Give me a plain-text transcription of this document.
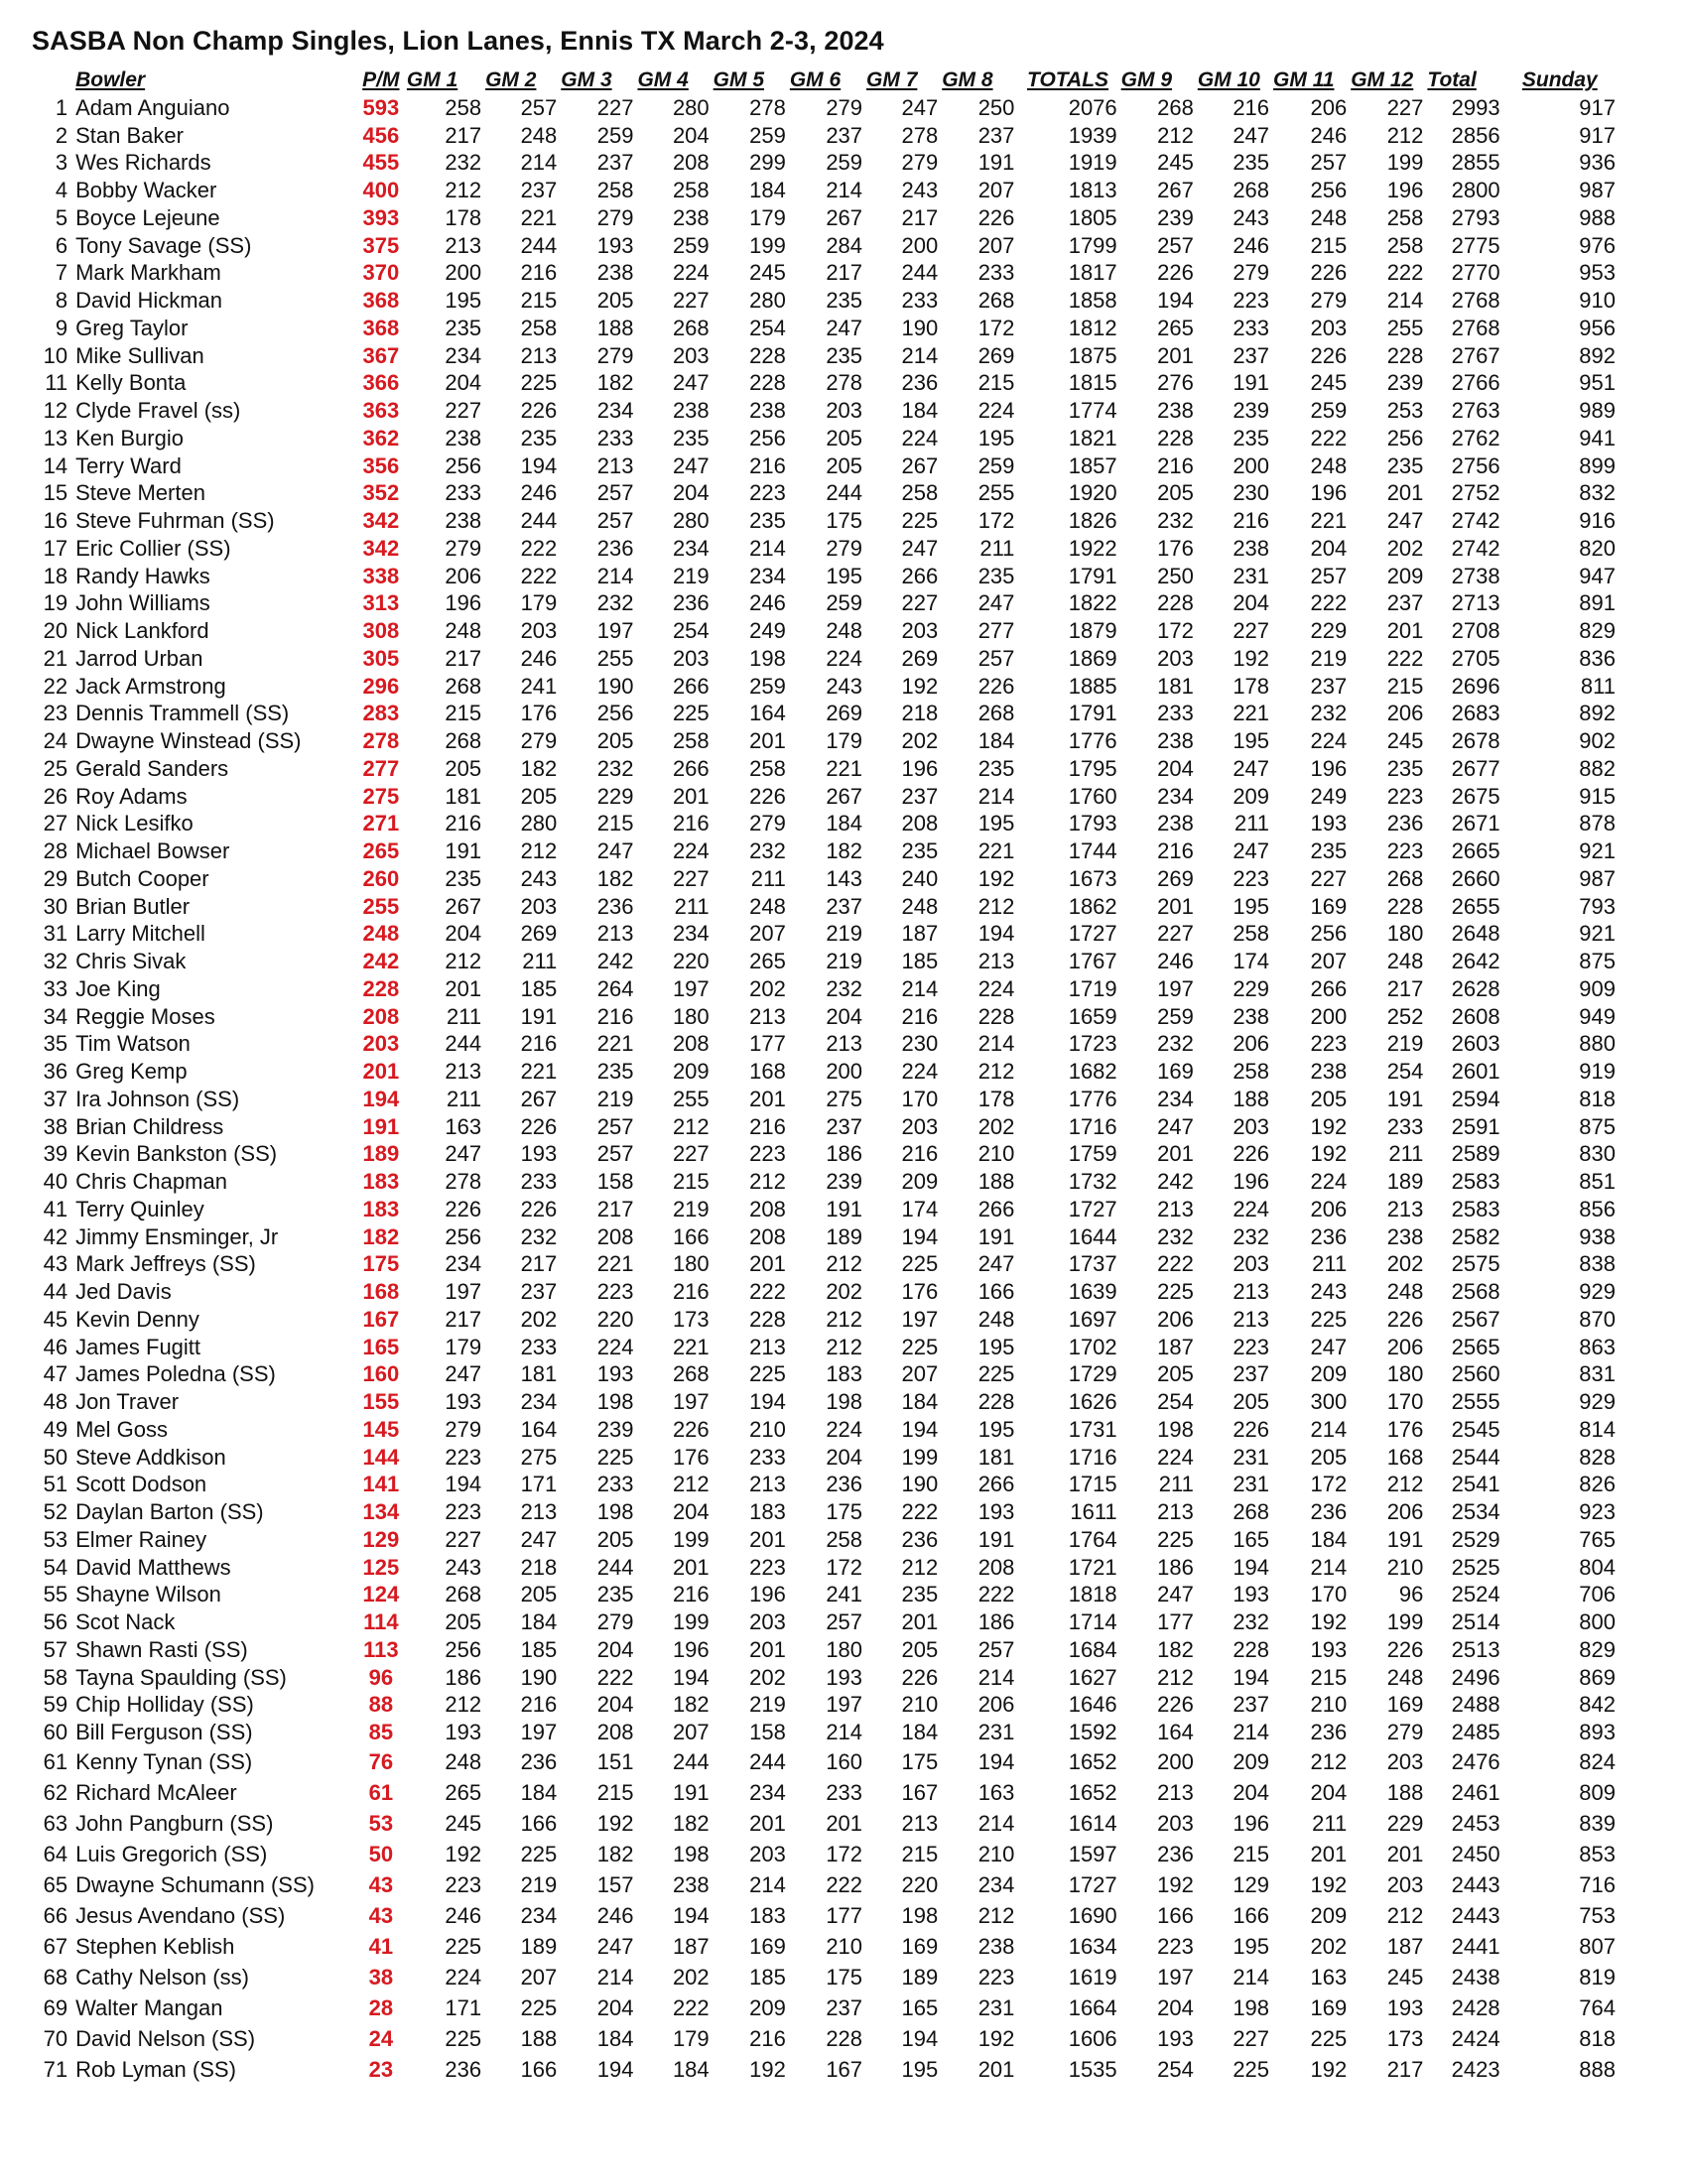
SASBA Non Champ Singles, Lion Lanes, Ennis TX March 2-3, 2024
	Bowler	P/M	GM 1	GM 2	GM 3	GM 4	GM 5	GM 6	GM 7	GM 8	TOTALS	GM 9	GM 10	GM 11	GM 12	Total	Sunday
1	Adam Anguiano	593	258	257	227	280	278	279	247	250	2076	268	216	206	227	2993	917
2	Stan Baker	456	217	248	259	204	259	237	278	237	1939	212	247	246	212	2856	917
3	Wes Richards	455	232	214	237	208	299	259	279	191	1919	245	235	257	199	2855	936
4	Bobby Wacker	400	212	237	258	258	184	214	243	207	1813	267	268	256	196	2800	987
5	Boyce Lejeune	393	178	221	279	238	179	267	217	226	1805	239	243	248	258	2793	988
6	Tony Savage (SS)	375	213	244	193	259	199	284	200	207	1799	257	246	215	258	2775	976
7	Mark Markham	370	200	216	238	224	245	217	244	233	1817	226	279	226	222	2770	953
8	David Hickman	368	195	215	205	227	280	235	233	268	1858	194	223	279	214	2768	910
9	Greg Taylor	368	235	258	188	268	254	247	190	172	1812	265	233	203	255	2768	956
10	Mike Sullivan	367	234	213	279	203	228	235	214	269	1875	201	237	226	228	2767	892
11	Kelly Bonta	366	204	225	182	247	228	278	236	215	1815	276	191	245	239	2766	951
12	Clyde Fravel (ss)	363	227	226	234	238	238	203	184	224	1774	238	239	259	253	2763	989
13	Ken Burgio	362	238	235	233	235	256	205	224	195	1821	228	235	222	256	2762	941
14	Terry Ward	356	256	194	213	247	216	205	267	259	1857	216	200	248	235	2756	899
15	Steve Merten	352	233	246	257	204	223	244	258	255	1920	205	230	196	201	2752	832
16	Steve Fuhrman (SS)	342	238	244	257	280	235	175	225	172	1826	232	216	221	247	2742	916
17	Eric Collier (SS)	342	279	222	236	234	214	279	247	211	1922	176	238	204	202	2742	820
18	Randy Hawks	338	206	222	214	219	234	195	266	235	1791	250	231	257	209	2738	947
19	John Williams	313	196	179	232	236	246	259	227	247	1822	228	204	222	237	2713	891
20	Nick Lankford	308	248	203	197	254	249	248	203	277	1879	172	227	229	201	2708	829
21	Jarrod Urban	305	217	246	255	203	198	224	269	257	1869	203	192	219	222	2705	836
22	Jack Armstrong	296	268	241	190	266	259	243	192	226	1885	181	178	237	215	2696	811
23	Dennis Trammell (SS)	283	215	176	256	225	164	269	218	268	1791	233	221	232	206	2683	892
24	Dwayne Winstead (SS)	278	268	279	205	258	201	179	202	184	1776	238	195	224	245	2678	902
25	Gerald Sanders	277	205	182	232	266	258	221	196	235	1795	204	247	196	235	2677	882
26	Roy Adams	275	181	205	229	201	226	267	237	214	1760	234	209	249	223	2675	915
27	Nick Lesifko	271	216	280	215	216	279	184	208	195	1793	238	211	193	236	2671	878
28	Michael Bowser	265	191	212	247	224	232	182	235	221	1744	216	247	235	223	2665	921
29	Butch Cooper	260	235	243	182	227	211	143	240	192	1673	269	223	227	268	2660	987
30	Brian Butler	255	267	203	236	211	248	237	248	212	1862	201	195	169	228	2655	793
31	Larry Mitchell	248	204	269	213	234	207	219	187	194	1727	227	258	256	180	2648	921
32	Chris Sivak	242	212	211	242	220	265	219	185	213	1767	246	174	207	248	2642	875
33	Joe King	228	201	185	264	197	202	232	214	224	1719	197	229	266	217	2628	909
34	Reggie Moses	208	211	191	216	180	213	204	216	228	1659	259	238	200	252	2608	949
35	Tim Watson	203	244	216	221	208	177	213	230	214	1723	232	206	223	219	2603	880
36	Greg Kemp	201	213	221	235	209	168	200	224	212	1682	169	258	238	254	2601	919
37	Ira Johnson (SS)	194	211	267	219	255	201	275	170	178	1776	234	188	205	191	2594	818
38	Brian Childress	191	163	226	257	212	216	237	203	202	1716	247	203	192	233	2591	875
39	Kevin Bankston (SS)	189	247	193	257	227	223	186	216	210	1759	201	226	192	211	2589	830
40	Chris Chapman	183	278	233	158	215	212	239	209	188	1732	242	196	224	189	2583	851
41	Terry Quinley	183	226	226	217	219	208	191	174	266	1727	213	224	206	213	2583	856
42	Jimmy Ensminger, Jr	182	256	232	208	166	208	189	194	191	1644	232	232	236	238	2582	938
43	Mark Jeffreys (SS)	175	234	217	221	180	201	212	225	247	1737	222	203	211	202	2575	838
44	Jed Davis	168	197	237	223	216	222	202	176	166	1639	225	213	243	248	2568	929
45	Kevin Denny	167	217	202	220	173	228	212	197	248	1697	206	213	225	226	2567	870
46	James Fugitt	165	179	233	224	221	213	212	225	195	1702	187	223	247	206	2565	863
47	James Poledna (SS)	160	247	181	193	268	225	183	207	225	1729	205	237	209	180	2560	831
48	Jon Traver	155	193	234	198	197	194	198	184	228	1626	254	205	300	170	2555	929
49	Mel Goss	145	279	164	239	226	210	224	194	195	1731	198	226	214	176	2545	814
50	Steve Addkison	144	223	275	225	176	233	204	199	181	1716	224	231	205	168	2544	828
51	Scott Dodson	141	194	171	233	212	213	236	190	266	1715	211	231	172	212	2541	826
52	Daylan Barton (SS)	134	223	213	198	204	183	175	222	193	1611	213	268	236	206	2534	923
53	Elmer Rainey	129	227	247	205	199	201	258	236	191	1764	225	165	184	191	2529	765
54	David Matthews	125	243	218	244	201	223	172	212	208	1721	186	194	214	210	2525	804
55	Shayne Wilson	124	268	205	235	216	196	241	235	222	1818	247	193	170	96	2524	706
56	Scot Nack	114	205	184	279	199	203	257	201	186	1714	177	232	192	199	2514	800
57	Shawn Rasti (SS)	113	256	185	204	196	201	180	205	257	1684	182	228	193	226	2513	829
58	Tayna Spaulding (SS)	96	186	190	222	194	202	193	226	214	1627	212	194	215	248	2496	869
59	Chip Holliday (SS)	88	212	216	204	182	219	197	210	206	1646	226	237	210	169	2488	842
60	Bill Ferguson (SS)	85	193	197	208	207	158	214	184	231	1592	164	214	236	279	2485	893
61	Kenny Tynan (SS)	76	248	236	151	244	244	160	175	194	1652	200	209	212	203	2476	824
62	Richard McAleer	61	265	184	215	191	234	233	167	163	1652	213	204	204	188	2461	809
63	John Pangburn (SS)	53	245	166	192	182	201	201	213	214	1614	203	196	211	229	2453	839
64	Luis Gregorich (SS)	50	192	225	182	198	203	172	215	210	1597	236	215	201	201	2450	853
65	Dwayne Schumann (SS)	43	223	219	157	238	214	222	220	234	1727	192	129	192	203	2443	716
66	Jesus Avendano (SS)	43	246	234	246	194	183	177	198	212	1690	166	166	209	212	2443	753
67	Stephen Keblish	41	225	189	247	187	169	210	169	238	1634	223	195	202	187	2441	807
68	Cathy Nelson (ss)	38	224	207	214	202	185	175	189	223	1619	197	214	163	245	2438	819
69	Walter Mangan	28	171	225	204	222	209	237	165	231	1664	204	198	169	193	2428	764
70	David Nelson (SS)	24	225	188	184	179	216	228	194	192	1606	193	227	225	173	2424	818
71	Rob Lyman (SS)	23	236	166	194	184	192	167	195	201	1535	254	225	192	217	2423	888
